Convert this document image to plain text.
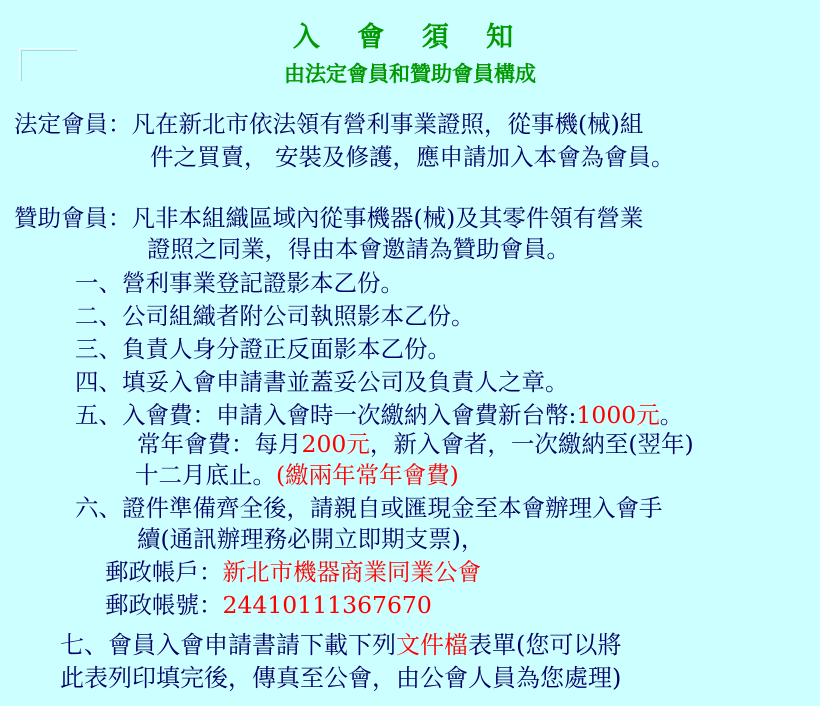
入 會 須 知
由法定會員和贊助會員構成
法定會員：凡在新北市依法領有營利事業證照，從事機(械)組
件之買賣， 安裝及修護，應申請加入本會為會員。
贊助會員：凡非本組織區域內從事機器(械)及其零件領有營業
證照之同業，得由本會邀請為贊助會員。
一、營利事業登記證影本乙份。
二、公司組織者附公司執照影本乙份。
三、負責人身分證正反面影本乙份。
四、填妥入會申請書並蓋妥公司及負責人之章。
五、入會費：申請入會時一次繳納入會費新台幣:1000元。
常年會費：每月200元，新入會者，一次繳納至(翌年)
十二月底止。(繳兩年常年會費)
六、證件準備齊全後，請親自或匯現金至本會辦理入會手
續(通訊辦理務必開立即期支票)，
郵政帳戶：新北市機器商業同業公會
郵政帳號：24410111367670
七、會員入會申請書請下載下列文件檔表單(您可以將
此表列印填完後，傳真至公會，由公會人員為您處理)
